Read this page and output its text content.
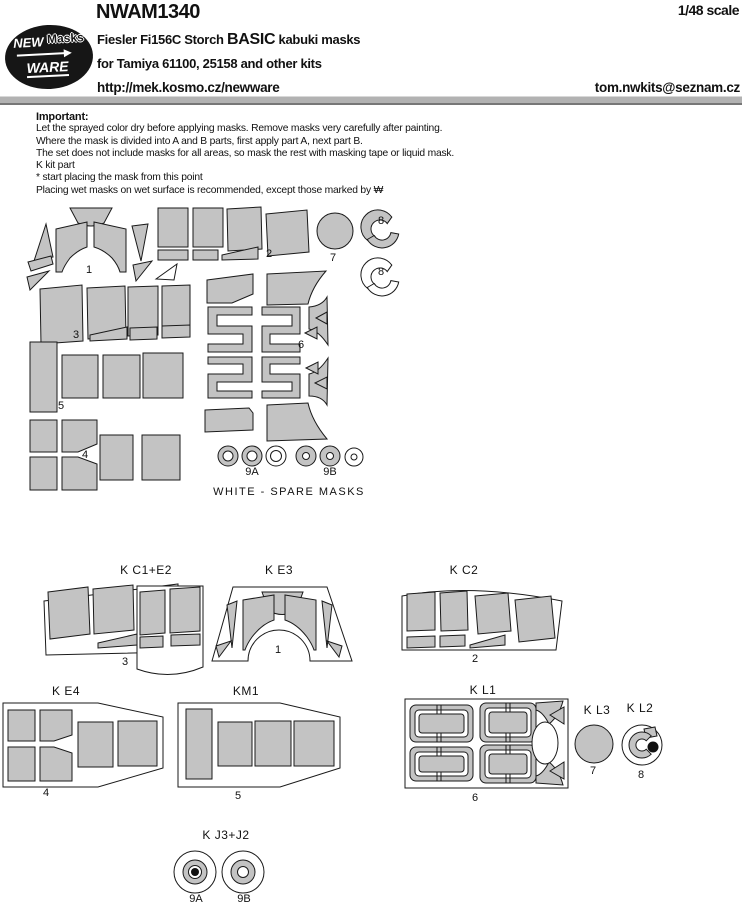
NWAM1340	1/48 scale
NEW Masks
WARE
Fiesler Fi156C Storch BASIC kabuki masks
for Tamiya 61100, 25158 and other kits
http://mek.kosmo.cz/newware	tom.nwkits@seznam.cz
Important:
Let the sprayed color dry before applying masks. Remove masks very carefully after painting.
Where the mask is divided into A and B parts, first apply part A, next part B.
The set does not include masks for all areas, so mask the rest with masking tape or liquid mask.
K kit part
* start placing the mask from this point
Placing wet masks on wet surface is recommended, except those marked by ₩
1
2	7
8
8
3
5
4
6
9A	9B
WHITE - SPARE MASKS
K C1+E2
3
K E3
1
K C2
2
K E4
4
KM1
5
K L1
6
K L3
7
K L2
8
K J3+J2
9A	9B
